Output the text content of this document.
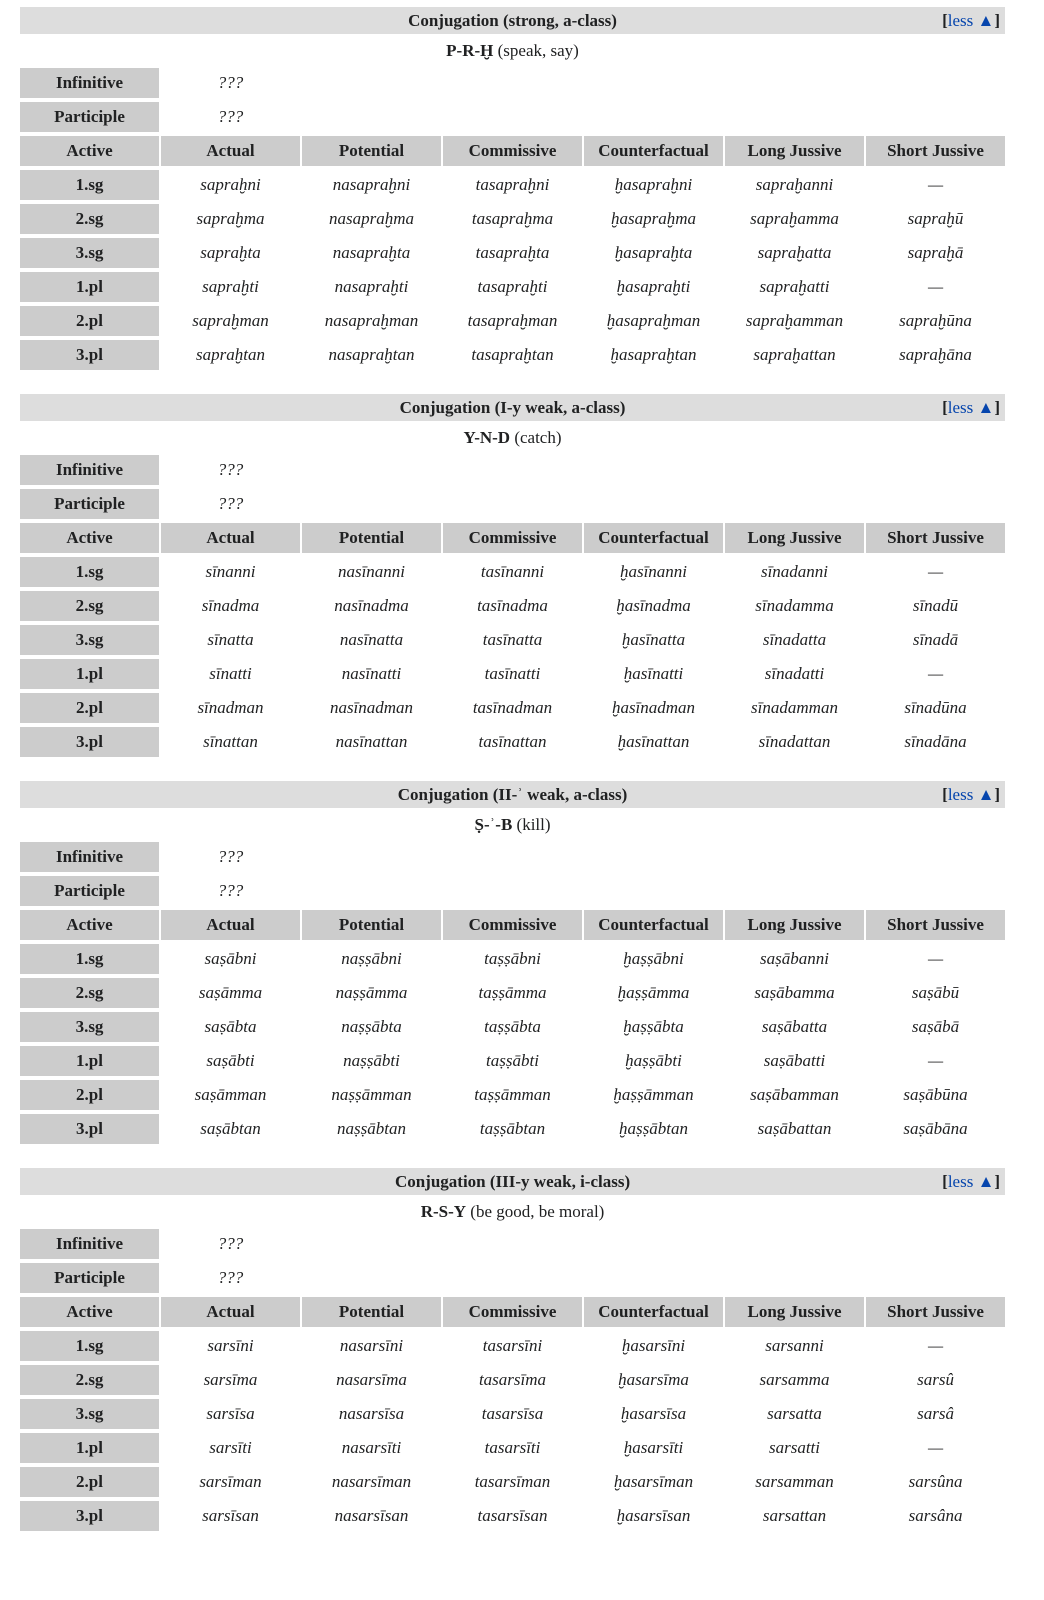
Conjugation (strong, a-class) [less ▲]						

P-R-Ḫ (speak, say)						
Infinitive	???					
Participle	???					
Active	Actual	Potential	Commissive	Counterfactual	Long Jussive	Short Jussive
1.sg	sapraḫni	nasapraḫni	tasapraḫni	ḫasapraḫni	sapraḫanni	—
2.sg	sapraḫma	nasapraḫma	tasapraḫma	ḫasapraḫma	sapraḫamma	sapraḫū
3.sg	sapraḫta	nasapraḫta	tasapraḫta	ḫasapraḫta	sapraḫatta	sapraḫā
1.pl	sapraḫti	nasapraḫti	tasapraḫti	ḫasapraḫti	sapraḫatti	—
2.pl	sapraḫman	nasapraḫman	tasapraḫman	ḫasapraḫman	sapraḫamman	sapraḫūna
3.pl	sapraḫtan	nasapraḫtan	tasapraḫtan	ḫasapraḫtan	sapraḫattan	sapraḫāna
Conjugation (I-y weak, a-class) [less ▲]						

Y-N-D (catch)						
Infinitive	???					
Participle	???					
Active	Actual	Potential	Commissive	Counterfactual	Long Jussive	Short Jussive
1.sg	sīnanni	nasīnanni	tasīnanni	ḫasīnanni	sīnadanni	—
2.sg	sīnadma	nasīnadma	tasīnadma	ḫasīnadma	sīnadamma	sīnadū
3.sg	sīnatta	nasīnatta	tasīnatta	ḫasīnatta	sīnadatta	sīnadā
1.pl	sīnatti	nasīnatti	tasīnatti	ḫasīnatti	sīnadatti	—
2.pl	sīnadman	nasīnadman	tasīnadman	ḫasīnadman	sīnadamman	sīnadūna
3.pl	sīnattan	nasīnattan	tasīnattan	ḫasīnattan	sīnadattan	sīnadāna
Conjugation (II-ʾ weak, a-class) [less ▲]						

Ṣ-ʾ-B (kill)						
Infinitive	???					
Participle	???					
Active	Actual	Potential	Commissive	Counterfactual	Long Jussive	Short Jussive
1.sg	saṣābni	naṣṣābni	taṣṣābni	ḫaṣṣābni	saṣābanni	—
2.sg	saṣāmma	naṣṣāmma	taṣṣāmma	ḫaṣṣāmma	saṣābamma	saṣābū
3.sg	saṣābta	naṣṣābta	taṣṣābta	ḫaṣṣābta	saṣābatta	saṣābā
1.pl	saṣābti	naṣṣābti	taṣṣābti	ḫaṣṣābti	saṣābatti	—
2.pl	saṣāmman	naṣṣāmman	taṣṣāmman	ḫaṣṣāmman	saṣābamman	saṣābūna
3.pl	saṣābtan	naṣṣābtan	taṣṣābtan	ḫaṣṣābtan	saṣābattan	saṣābāna
Conjugation (III-y weak, i-class) [less ▲]						

R-S-Y (be good, be moral)						
Infinitive	???					
Participle	???					
Active	Actual	Potential	Commissive	Counterfactual	Long Jussive	Short Jussive
1.sg	sarsīni	nasarsīni	tasarsīni	ḫasarsīni	sarsanni	—
2.sg	sarsīma	nasarsīma	tasarsīma	ḫasarsīma	sarsamma	sarsû
3.sg	sarsīsa	nasarsīsa	tasarsīsa	ḫasarsīsa	sarsatta	sarsâ
1.pl	sarsīti	nasarsīti	tasarsīti	ḫasarsīti	sarsatti	—
2.pl	sarsīman	nasarsīman	tasarsīman	ḫasarsīman	sarsamman	sarsûna
3.pl	sarsīsan	nasarsīsan	tasarsīsan	ḫasarsīsan	sarsattan	sarsâna
